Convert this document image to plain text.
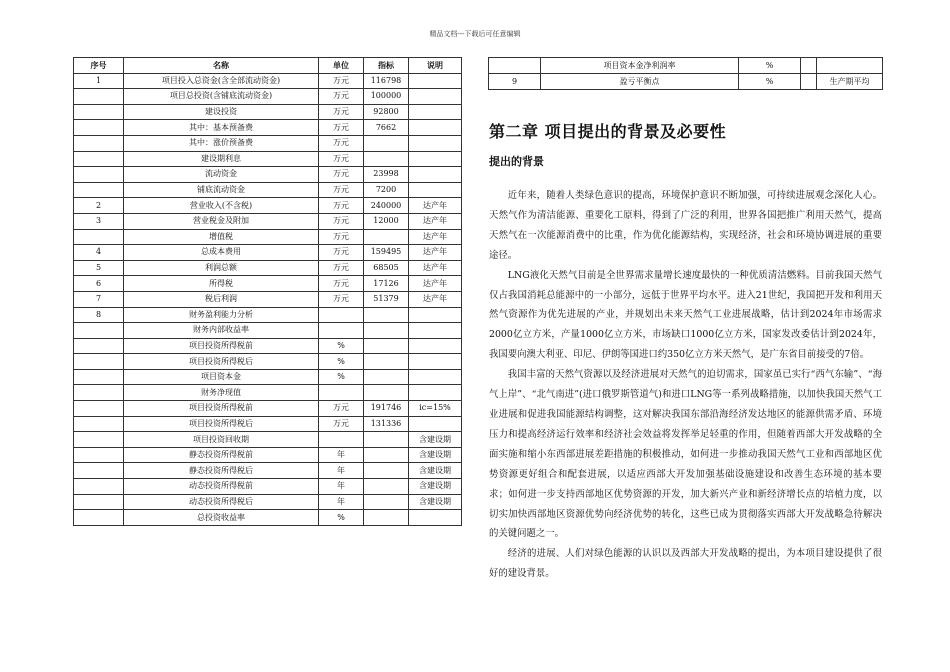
精品文档---下载后可任意编辑
序号	名称	单位	指标	说明
1	项目投入总资金(含全部流动资金)	万元	116798	
	项目总投资(含铺底流动资金)	万元	100000	
	建设投资	万元	92800	
	其中：基本预备费	万元	7662	
	其中：涨价预备费	万元		
	建设期利息	万元		
	流动资金	万元	23998	
	铺底流动资金	万元	7200	
2	营业收入(不含税)	万元	240000	达产年
3	营业税金及附加	万元	12000	达产年
	增值税	万元		达产年
4	总成本费用	万元	159495	达产年
5	利润总额	万元	68505	达产年
6	所得税	万元	17126	达产年
7	税后利润	万元	51379	达产年
8	财务盈利能力分析			
	财务内部收益率			
	项目投资所得税前	%		
	项目投资所得税后	%		
	项目资本金	%		
	财务净现值			
	项目投资所得税前	万元	191746	ic=15%
	项目投资所得税后	万元	131336	
	项目投资回收期			含建设期
	静态投资所得税前	年		含建设期
	静态投资所得税后	年		含建设期
	动态投资所得税前	年		含建设期
	动态投资所得税后	年		含建设期
	总投资收益率	%		
	项目资本金净利润率	%		
9	盈亏平衡点	%		生产期平均
第二章 项目提出的背景及必要性
提出的背景

近年来，随着人类绿色意识的提高，环境保护意识不断加强，可持续进展观念深化人心。天然气作为清洁能源、重要化工原料，得到了广泛的利用，世界各国把推广利用天然气，提高天然气在一次能源消费中的比重，作为优化能源结构，实现经济，社会和环境协调进展的重要途径。

LNG液化天然气目前是全世界需求量增长速度最快的一种优质清洁燃料。目前我国天然气仅占我国消耗总能源中的一小部分，远低于世界平均水平。进入21世纪，我国把开发和利用天然气资源作为优先进展的产业，并规划出未来天然气工业进展战略，估计到2024年市场需求2000亿立方米，产量1000亿立方米，市场缺口1000亿立方米，国家发改委估计到2024年，我国要向澳大利亚、印尼、伊朗等国进口约350亿立方米天然气，是广东省目前接受的7倍。

我国丰富的天然气资源以及经济进展对天然气的迫切需求，国家虽已实行“西气东输”、“海气上岸”、“北气南进”(进口俄罗斯管道气)和进口LNG等一系列战略措施，以加快我国天然气工业进展和促进我国能源结构调整，这对解决我国东部沿海经济发达地区的能源供需矛盾、环境压力和提高经济运行效率和经济社会效益将发挥举足轻重的作用，但随着西部大开发战略的全面实施和缩小东西部进展差距措施的积极推动，如何进一步推动我国天然气工业和西部地区优势资源更好组合和配套进展，以适应西部大开发加强基础设施建设和改善生态环境的基本要求；如何进一步支持西部地区优势资源的开发，加大新兴产业和新经济增长点的培植力度，以切实加快西部地区资源优势向经济优势的转化，这些已成为贯彻落实西部大开发战略急待解决的关键问题之一。

经济的进展、人们对绿色能源的认识以及西部大开发战略的提出，为本项目建设提供了很好的建设背景。
